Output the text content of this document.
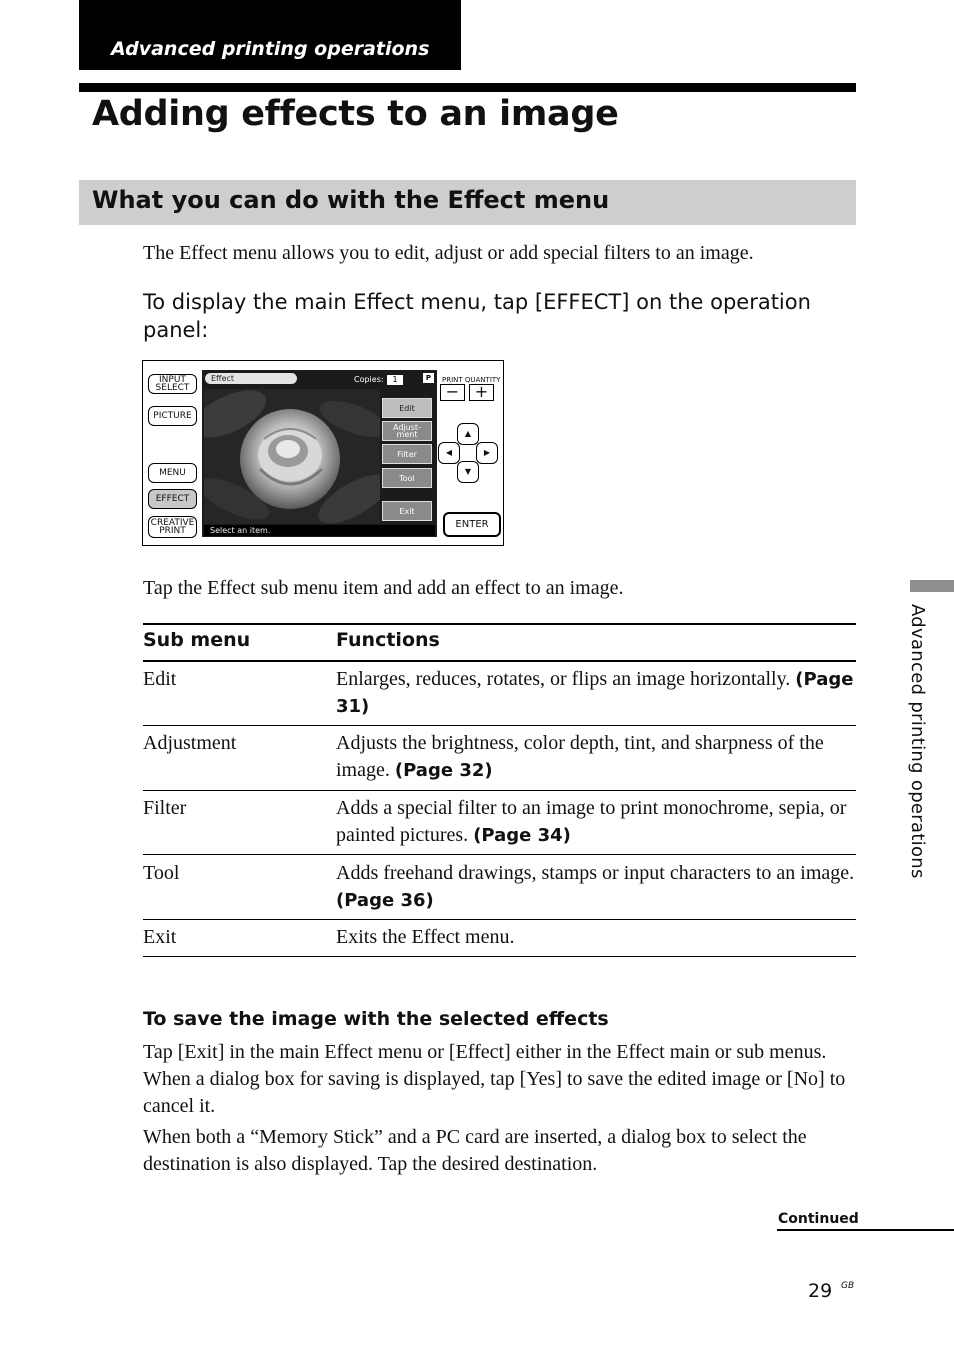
Advanced printing operations
Adding effects to an image
What you can do with the Effect menu
The Effect menu allows you to edit, adjust or add special filters to an image.
To display the main Effect menu, tap [EFFECT] on the operation panel:
INPUT
SELECT
PICTURE
MENU
EFFECT
CREATIVE
PRINT
Effect	Copies:	1	P
Edit
Adjust-
ment
Filter
Tool
Exit
Select an item.
PRINT QUANTITY
− +
▲
◀	▶
▼
ENTER
Tap the Effect sub menu item and add an effect to an image.
Sub menu	Functions
Edit	Enlarges, reduces, rotates, or flips an image horizontally. (Page 31)
Adjustment	Adjusts the brightness, color depth, tint, and sharpness of the image. (Page 32)
Filter	Adds a special filter to an image to print monochrome, sepia, or painted pictures. (Page 34)
Tool	Adds freehand drawings, stamps or input characters to an image. (Page 36)
Exit	Exits the Effect menu.
To save the image with the selected effects
Tap [Exit] in the main Effect menu or [Effect] either in the Effect main or sub menus. When a dialog box for saving is displayed, tap [Yes] to save the edited image or [No] to cancel it.
When both a “Memory Stick” and a PC card are inserted, a dialog box to select the destination is also displayed. Tap the desired destination.
Advanced printing operations
Continued
29 GB
